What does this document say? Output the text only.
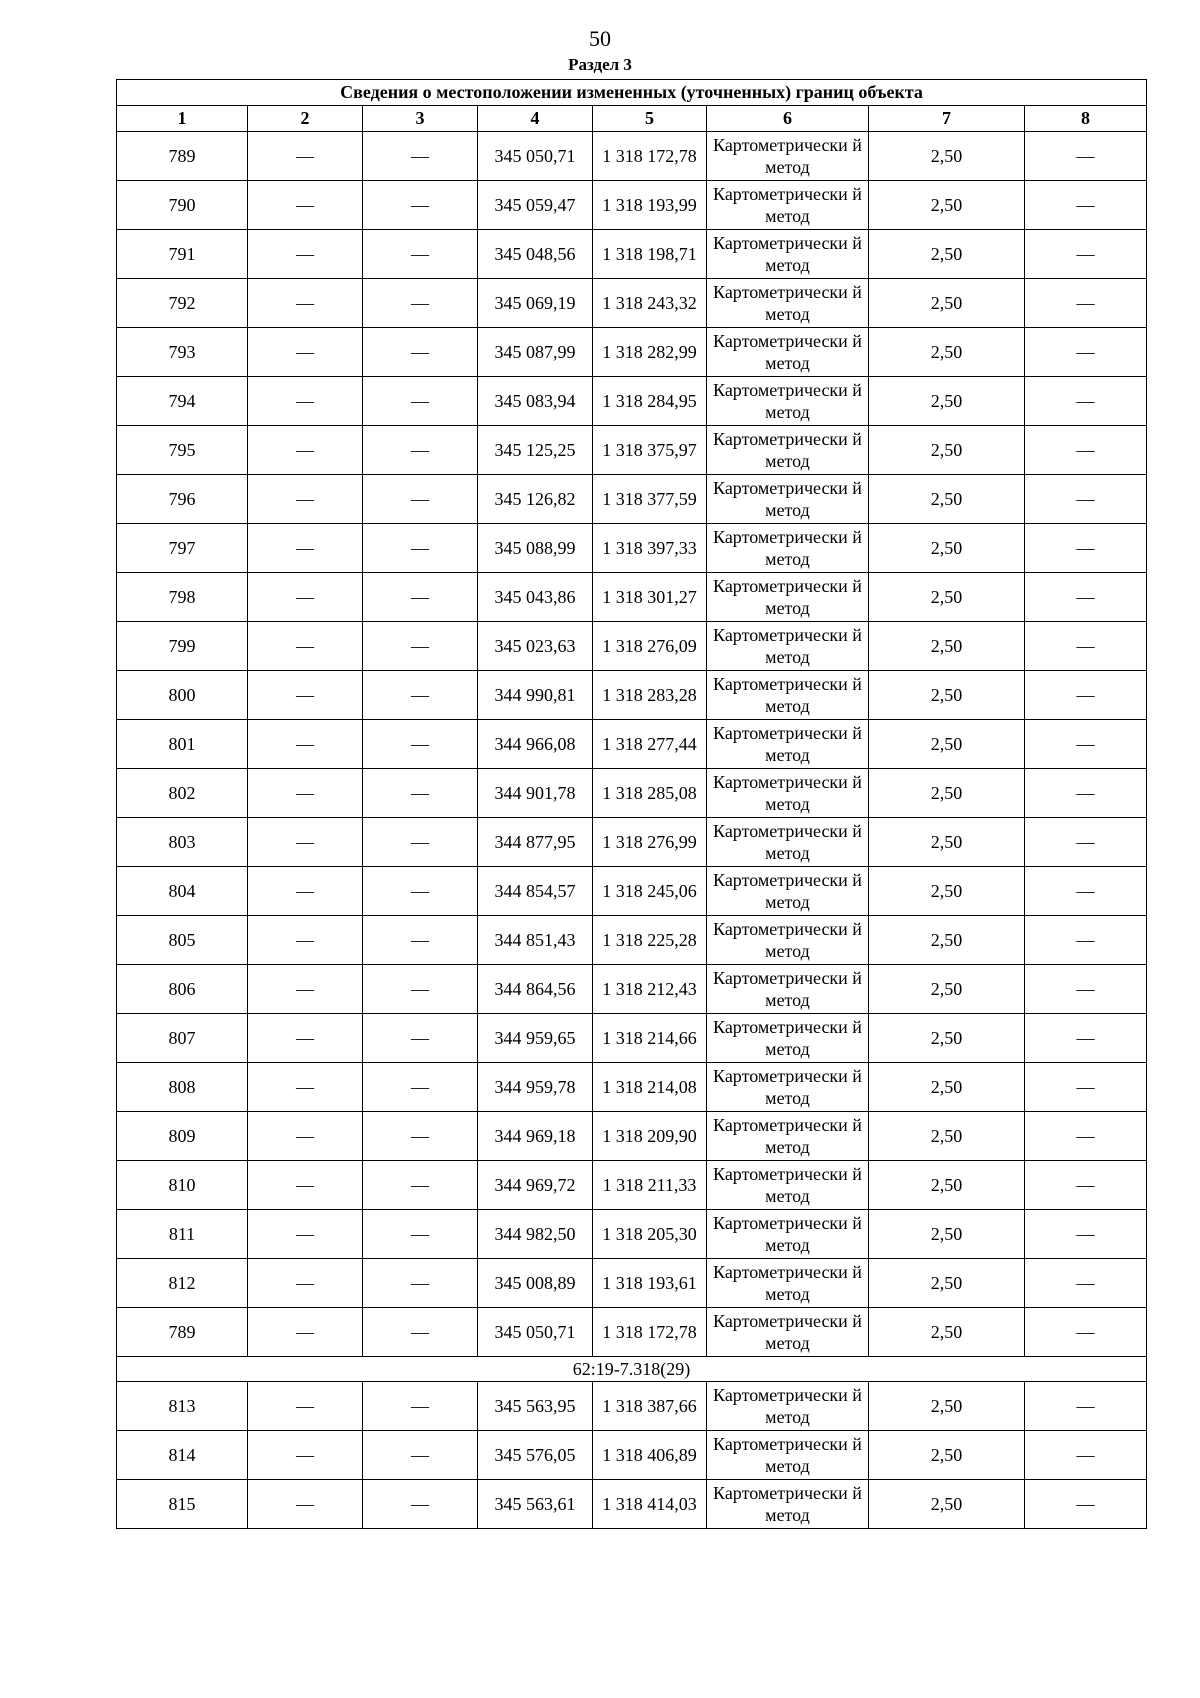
50
Раздел 3
Сведения о местоположении измененных (уточненных) границ объекта							
1	2	3	4	5	6	7	8
789	—	—	345 050,71	1 318 172,78	Картометрически й метод	2,50	—
790	—	—	345 059,47	1 318 193,99	Картометрически й метод	2,50	—
791	—	—	345 048,56	1 318 198,71	Картометрически й метод	2,50	—
792	—	—	345 069,19	1 318 243,32	Картометрически й метод	2,50	—
793	—	—	345 087,99	1 318 282,99	Картометрически й метод	2,50	—
794	—	—	345 083,94	1 318 284,95	Картометрически й метод	2,50	—
795	—	—	345 125,25	1 318 375,97	Картометрически й метод	2,50	—
796	—	—	345 126,82	1 318 377,59	Картометрически й метод	2,50	—
797	—	—	345 088,99	1 318 397,33	Картометрически й метод	2,50	—
798	—	—	345 043,86	1 318 301,27	Картометрически й метод	2,50	—
799	—	—	345 023,63	1 318 276,09	Картометрически й метод	2,50	—
800	—	—	344 990,81	1 318 283,28	Картометрически й метод	2,50	—
801	—	—	344 966,08	1 318 277,44	Картометрически й метод	2,50	—
802	—	—	344 901,78	1 318 285,08	Картометрически й метод	2,50	—
803	—	—	344 877,95	1 318 276,99	Картометрически й метод	2,50	—
804	—	—	344 854,57	1 318 245,06	Картометрически й метод	2,50	—
805	—	—	344 851,43	1 318 225,28	Картометрически й метод	2,50	—
806	—	—	344 864,56	1 318 212,43	Картометрически й метод	2,50	—
807	—	—	344 959,65	1 318 214,66	Картометрически й метод	2,50	—
808	—	—	344 959,78	1 318 214,08	Картометрически й метод	2,50	—
809	—	—	344 969,18	1 318 209,90	Картометрически й метод	2,50	—
810	—	—	344 969,72	1 318 211,33	Картометрически й метод	2,50	—
811	—	—	344 982,50	1 318 205,30	Картометрически й метод	2,50	—
812	—	—	345 008,89	1 318 193,61	Картометрически й метод	2,50	—
789	—	—	345 050,71	1 318 172,78	Картометрически й метод	2,50	—
62:19-7.318(29)							
813	—	—	345 563,95	1 318 387,66	Картометрически й метод	2,50	—
814	—	—	345 576,05	1 318 406,89	Картометрически й метод	2,50	—
815	—	—	345 563,61	1 318 414,03	Картометрически й метод	2,50	—
